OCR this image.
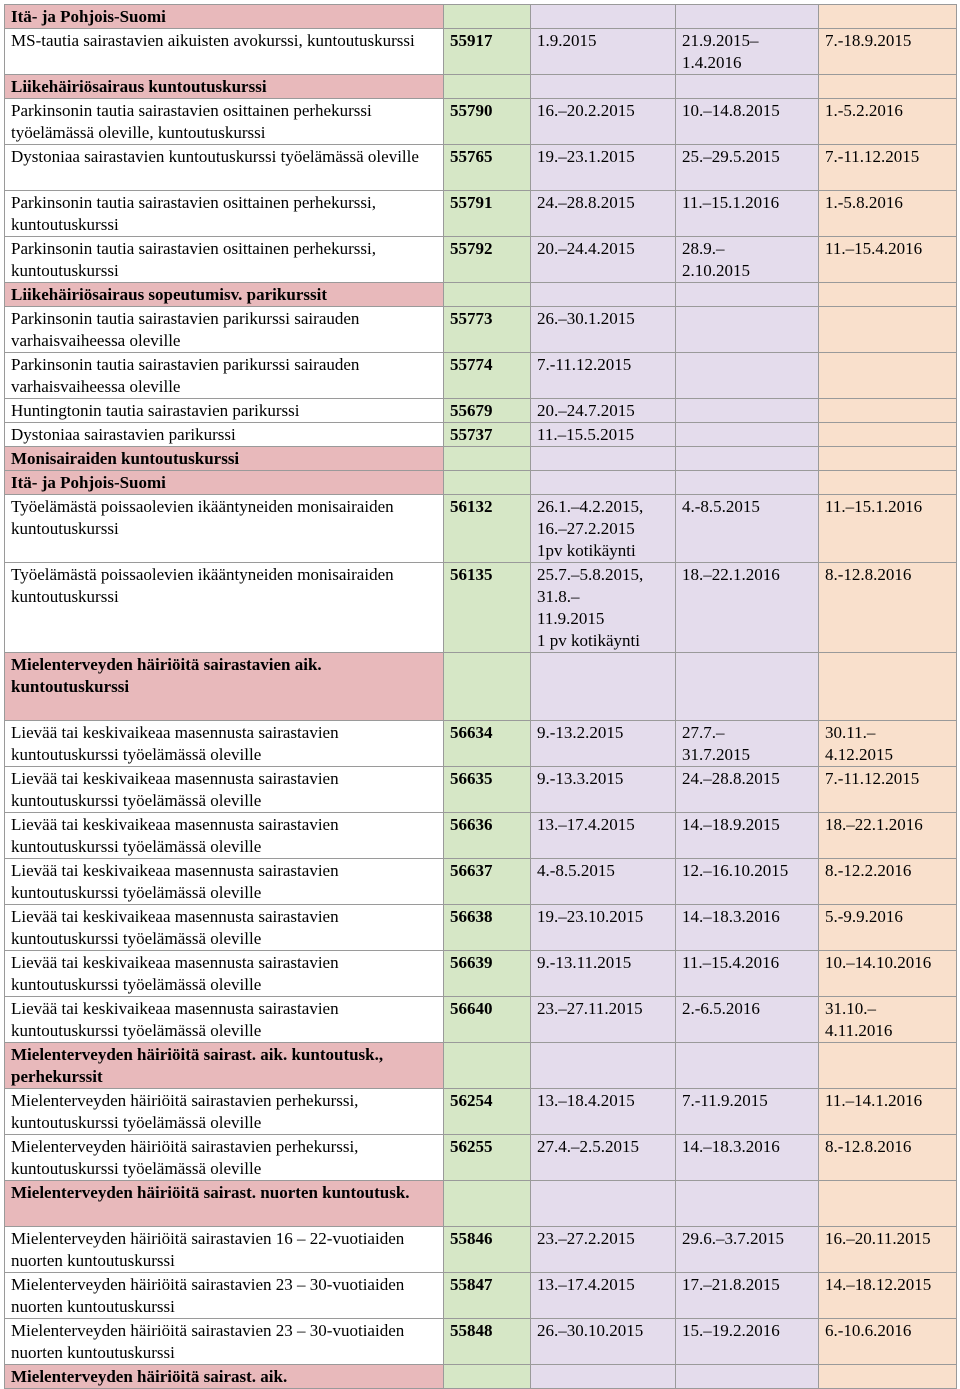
Itä- ja Pohjois-Suomi				

MS-tautia sairastavien aikuisten avokurssi, kuntoutuskurssi	55917	1.9.2015	21.9.2015–
1.4.2016	7.-18.9.2015

Liikehäiriösairaus kuntoutuskurssi				

Parkinsonin tautia sairastavien osittainen perhekurssi työelämässä oleville, kuntoutuskurssi	55790	16.–20.2.2015	10.–14.8.2015	1.-5.2.2016

Dystoniaa sairastavien kuntoutuskurssi työelämässä oleville	55765	19.–23.1.2015	25.–29.5.2015	7.-11.12.2015

Parkinsonin tautia sairastavien osittainen perhekurssi, kuntoutuskurssi	55791	24.–28.8.2015	11.–15.1.2016	1.-5.8.2016

Parkinsonin tautia sairastavien osittainen perhekurssi, kuntoutuskurssi	55792	20.–24.4.2015	28.9.–
2.10.2015	11.–15.4.2016

Liikehäiriösairaus sopeutumisv. parikurssit				

Parkinsonin tautia sairastavien parikurssi sairauden varhaisvaiheessa oleville	55773	26.–30.1.2015		

Parkinsonin tautia sairastavien parikurssi sairauden varhaisvaiheessa oleville	55774	7.-11.12.2015		

Huntingtonin tautia sairastavien parikurssi	55679	20.–24.7.2015		

Dystoniaa sairastavien parikurssi	55737	11.–15.5.2015		

Monisairaiden kuntoutuskurssi				

Itä- ja Pohjois-Suomi				

Työelämästä poissaolevien ikääntyneiden monisairaiden kuntoutuskurssi	56132	26.1.–4.2.2015,
16.–27.2.2015
1pv kotikäynti	4.-8.5.2015	11.–15.1.2016

Työelämästä poissaolevien ikääntyneiden monisairaiden kuntoutuskurssi	56135	25.7.–5.8.2015,
31.8.–
11.9.2015
1 pv kotikäynti	18.–22.1.2016	8.-12.8.2016

Mielenterveyden häiriöitä sairastavien aik. kuntoutuskurssi				

Lievää tai keskivaikeaa masennusta sairastavien kuntoutuskurssi työelämässä oleville	56634	9.-13.2.2015	27.7.–
31.7.2015	30.11.–
4.12.2015

Lievää tai keskivaikeaa masennusta sairastavien kuntoutuskurssi työelämässä oleville	56635	9.-13.3.2015	24.–28.8.2015	7.-11.12.2015

Lievää tai keskivaikeaa masennusta sairastavien kuntoutuskurssi työelämässä oleville	56636	13.–17.4.2015	14.–18.9.2015	18.–22.1.2016

Lievää tai keskivaikeaa masennusta sairastavien kuntoutuskurssi työelämässä oleville	56637	4.-8.5.2015	12.–16.10.2015	8.-12.2.2016

Lievää tai keskivaikeaa masennusta sairastavien kuntoutuskurssi työelämässä oleville	56638	19.–23.10.2015	14.–18.3.2016	5.-9.9.2016

Lievää tai keskivaikeaa masennusta sairastavien kuntoutuskurssi työelämässä oleville	56639	9.-13.11.2015	11.–15.4.2016	10.–14.10.2016

Lievää tai keskivaikeaa masennusta sairastavien kuntoutuskurssi työelämässä oleville	56640	23.–27.11.2015	2.-6.5.2016	31.10.–
4.11.2016

Mielenterveyden häiriöitä sairast. aik. kuntoutusk., perhekurssit				

Mielenterveyden häiriöitä sairastavien perhekurssi, kuntoutuskurssi työelämässä oleville	56254	13.–18.4.2015	7.-11.9.2015	11.–14.1.2016

Mielenterveyden häiriöitä sairastavien perhekurssi, kuntoutuskurssi työelämässä oleville	56255	27.4.–2.5.2015	14.–18.3.2016	8.-12.8.2016

Mielenterveyden häiriöitä sairast. nuorten kuntoutusk.				

Mielenterveyden häiriöitä sairastavien 16 – 22-vuotiaiden nuorten kuntoutuskurssi	55846	23.–27.2.2015	29.6.–3.7.2015	16.–20.11.2015

Mielenterveyden häiriöitä sairastavien 23 – 30-vuotiaiden nuorten kuntoutuskurssi	55847	13.–17.4.2015	17.–21.8.2015	14.–18.12.2015

Mielenterveyden häiriöitä sairastavien 23 – 30-vuotiaiden nuorten kuntoutuskurssi	55848	26.–30.10.2015	15.–19.2.2016	6.-10.6.2016

Mielenterveyden häiriöitä sairast. aik.				
